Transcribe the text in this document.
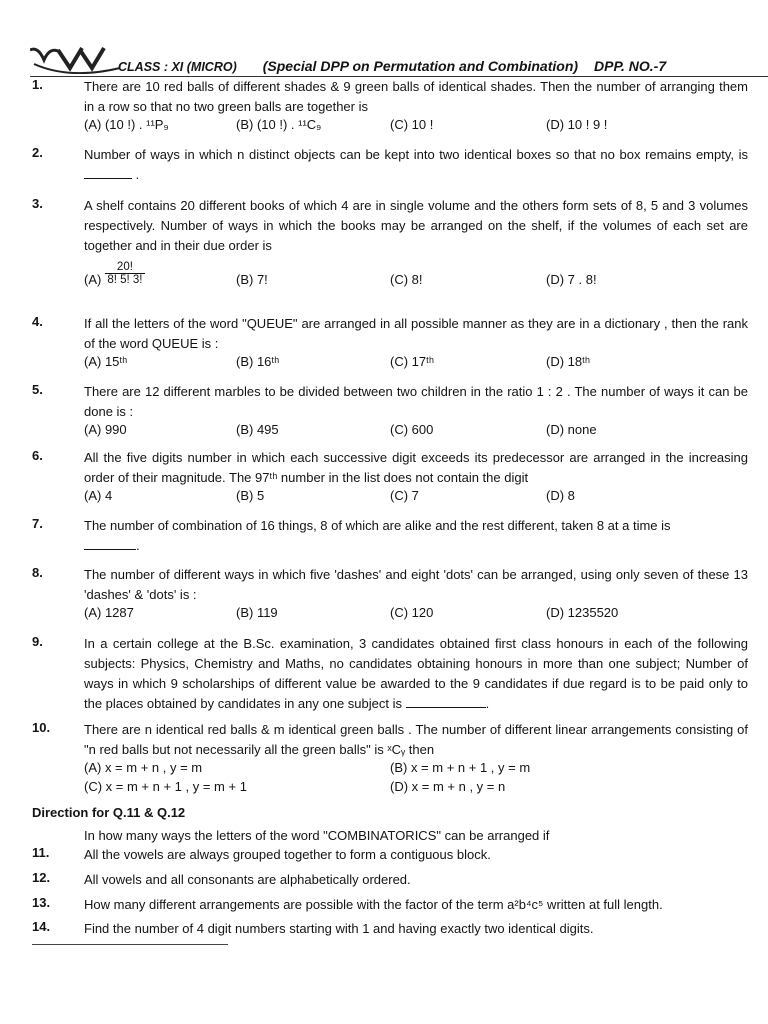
CLASS : XI (MICRO) (Special DPP on Permutation and Combination) DPP. NO.-7
1.	There are 10 red balls of different shades & 9 green balls of identical shades. Then the number of arranging them in a row so that no two green balls are together is
(A) (10 !) . ¹¹P₉	(B) (10 !) . ¹¹C₉	(C) 10 !	(D) 10 ! 9 !
2.	Number of ways in which n distinct objects can be kept into two identical boxes so that no box remains empty, is  .
3.	A shelf contains 20 different books of which 4 are in single volume and the others form sets of 8, 5 and 3 volumes respectively. Number of ways in which the books may be arranged on the shelf, if the volumes of each set are together and in their due order is
$(A) \frac{20!}{8! 5! 3!}$	(B) 7!	(C) 8!	(D) 7 . 8!
4.	If all the letters of the word "QUEUE" are arranged in all possible manner as they are in a dictionary , then the rank of the word QUEUE is :
(A) 15ᵗʰ	(B) 16ᵗʰ	(C) 17ᵗʰ	(D) 18ᵗʰ
5.	There are 12 different marbles to be divided between two children in the ratio 1 : 2 . The number of ways it can be done is :
(A) 990	(B) 495	(C) 600	(D) none
6.	All the five digits number in which each successive digit exceeds its predecessor are arranged in the increasing order of their magnitude. The 97ᵗʰ number in the list does not contain the digit
(A) 4	(B) 5	(C) 7	(D) 8
7.	The number of combination of 16 things, 8 of which are alike and the rest different, taken 8 at a time is
.
8.	The number of different ways in which five 'dashes' and eight 'dots' can be arranged, using only seven of these 13 'dashes' & 'dots' is :
(A) 1287	(B) 119	(C) 120	(D) 1235520
9.	In a certain college at the B.Sc. examination, 3 candidates obtained first class honours in each of the following subjects: Physics, Chemistry and Maths, no candidates obtaining honours in more than one subject; Number of ways in which 9 scholarships of different value be awarded to the 9 candidates if due regard is to be paid only to the places obtained by candidates in any one subject is	.
10.	There are n identical red balls & m identical green balls . The number of different linear arrangements consisting of "n red balls but not necessarily all the green balls" is ˣCᵧ then
(A) x = m + n , y = m	(B) x = m + n + 1 , y = m
(C) x = m + n + 1 , y = m + 1	(D) x = m + n , y = n
Direction for Q.11 & Q.12
In how many ways the letters of the word "COMBINATORICS" can be arranged if
11.	All the vowels are always grouped together to form a contiguous block.
12.	All vowels and all consonants are alphabetically ordered.
13.	How many different arrangements are possible with the factor of the term a²b⁴c⁵ written at full length.
14.	Find the number of 4 digit numbers starting with 1 and having exactly two identical digits.
